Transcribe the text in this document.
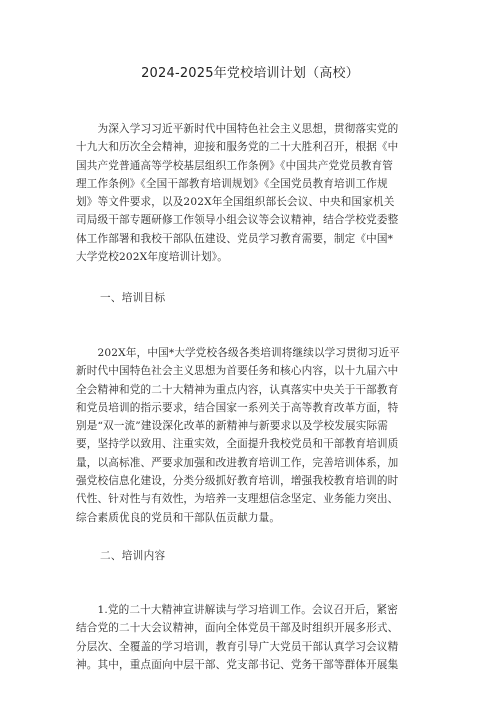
2024-2025年党校培训计划（高校）
　　为深入学习习近平新时代中国特色社会主义思想，贯彻落实党的
十九大和历次全会精神，迎接和服务党的二十大胜利召开，根据《中
国共产党普通高等学校基层组织工作条例》《中国共产党党员教育管
理工作条例》《全国干部教育培训规划》《全国党员教育培训工作规
划》等文件要求，以及202X年全国组织部长会议、中央和国家机关
司局级干部专题研修工作领导小组会议等会议精神，结合学校党委整
体工作部署和我校干部队伍建设、党员学习教育需要，制定《中国*
大学党校202X年度培训计划》。
一、培训目标
　　202X年，中国*大学党校各级各类培训将继续以学习贯彻习近平
新时代中国特色社会主义思想为首要任务和核心内容，以十九届六中
全会精神和党的二十大精神为重点内容，认真落实中央关于干部教育
和党员培训的指示要求，结合国家一系列关于高等教育改革方面，特
别是“双一流”建设深化改革的新精神与新要求以及学校发展实际需
要，坚持学以致用、注重实效，全面提升我校党员和干部教育培训质
量，以高标准、严要求加强和改进教育培训工作，完善培训体系，加
强党校信息化建设，分类分级抓好教育培训，增强我校教育培训的时
代性、针对性与有效性，为培养一支理想信念坚定、业务能力突出、
综合素质优良的党员和干部队伍贡献力量。
二、培训内容
　　1.党的二十大精神宣讲解读与学习培训工作。会议召开后，紧密
结合党的二十大会议精神，面向全体党员干部及时组织开展多形式、
分层次、全覆盖的学习培训，教育引导广大党员干部认真学习会议精
神。其中，重点面向中层干部、党支部书记、党务干部等群体开展集
